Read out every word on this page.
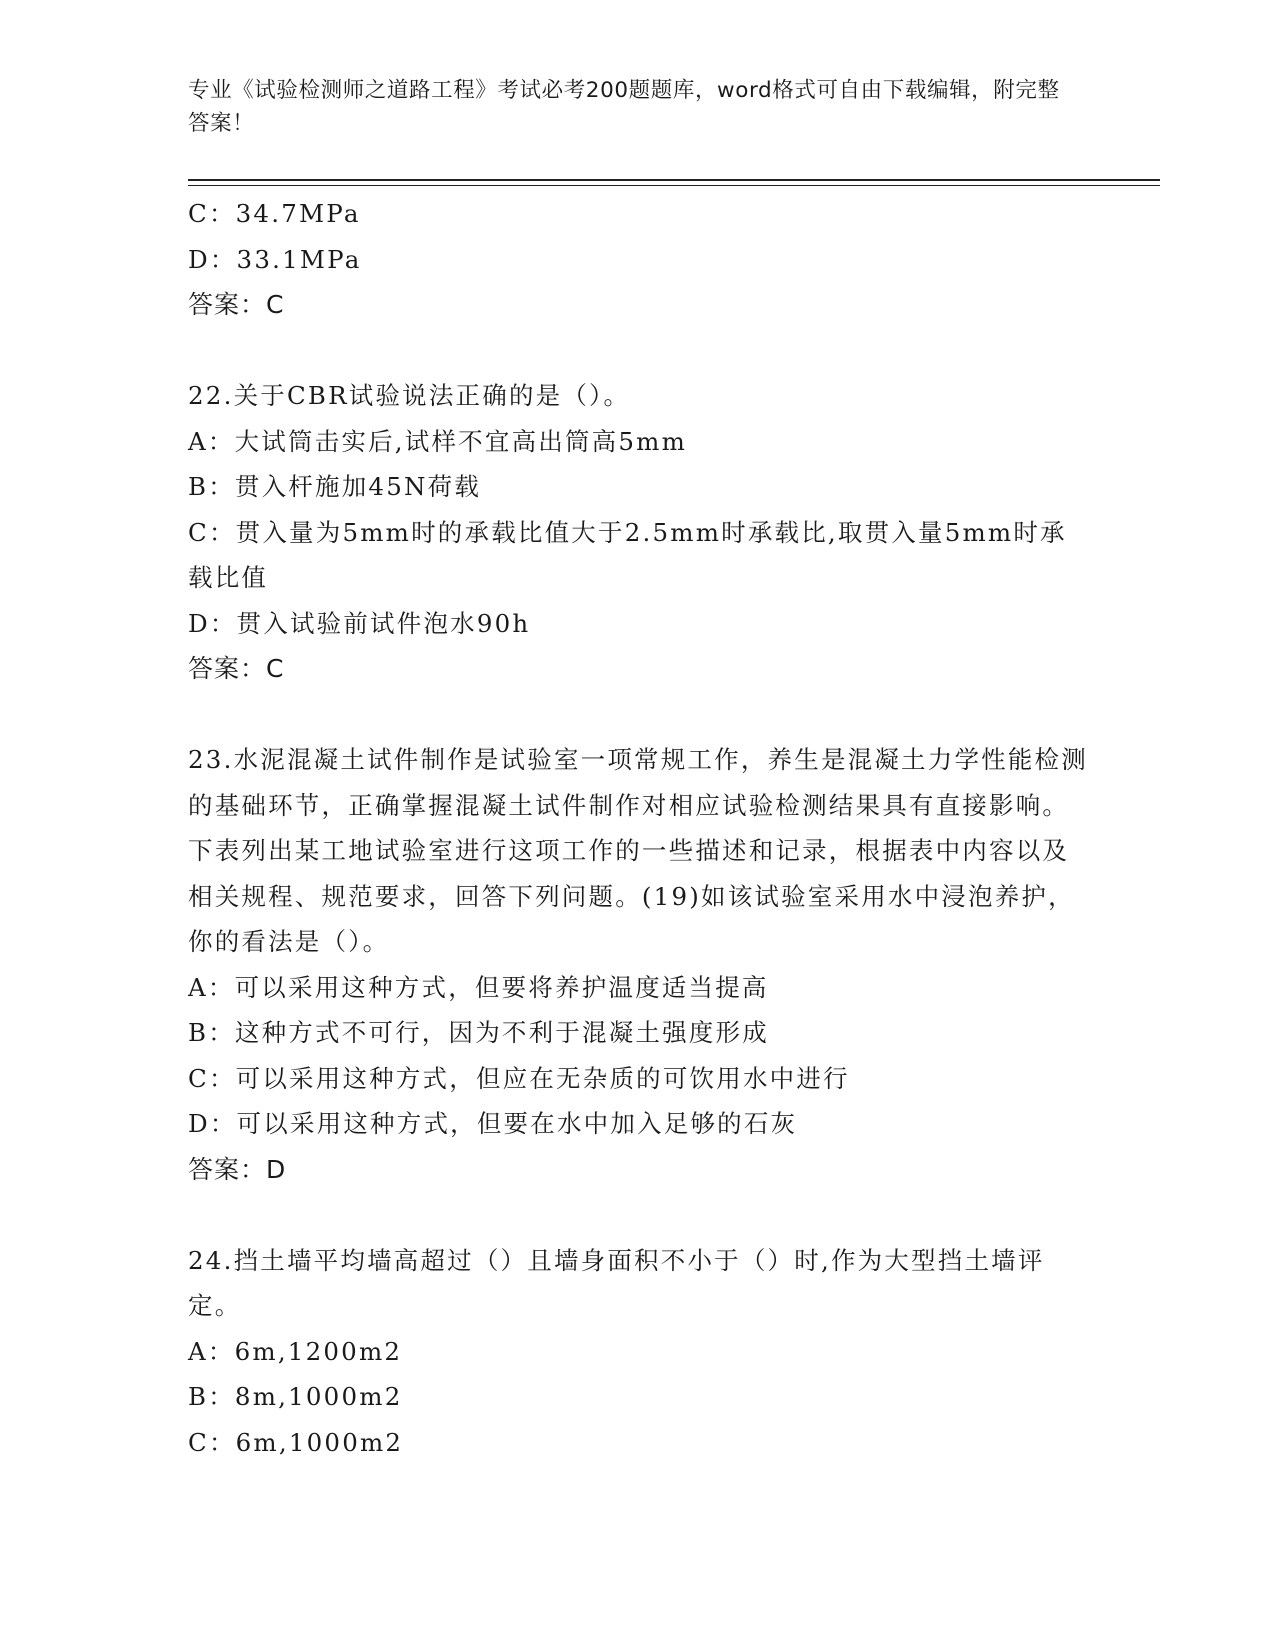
专业《试验检测师之道路工程》考试必考200题题库，word格式可自由下载编辑，附完整答案！
C：34.7MPa
D：33.1MPa
答案：C
22.关于CBR试验说法正确的是（）。
A：大试筒击实后,试样不宜高出筒高5mm
B：贯入杆施加45N荷载
C：贯入量为5mm时的承载比值大于2.5mm时承载比,取贯入量5mm时承载比值
D：贯入试验前试件泡水90h
答案：C
23.水泥混凝土试件制作是试验室一项常规工作，养生是混凝土力学性能检测的基础环节，正确掌握混凝土试件制作对相应试验检测结果具有直接影响。下表列出某工地试验室进行这项工作的一些描述和记录，根据表中内容以及相关规程、规范要求，回答下列问题。(19)如该试验室采用水中浸泡养护，你的看法是（）。
A：可以采用这种方式，但要将养护温度适当提高
B：这种方式不可行，因为不利于混凝土强度形成
C：可以采用这种方式，但应在无杂质的可饮用水中进行
D：可以采用这种方式，但要在水中加入足够的石灰
答案：D
24.挡土墙平均墙高超过（）且墙身面积不小于（）时,作为大型挡土墙评定。
A：6m,1200m2
B：8m,1000m2
C：6m,1000m2
